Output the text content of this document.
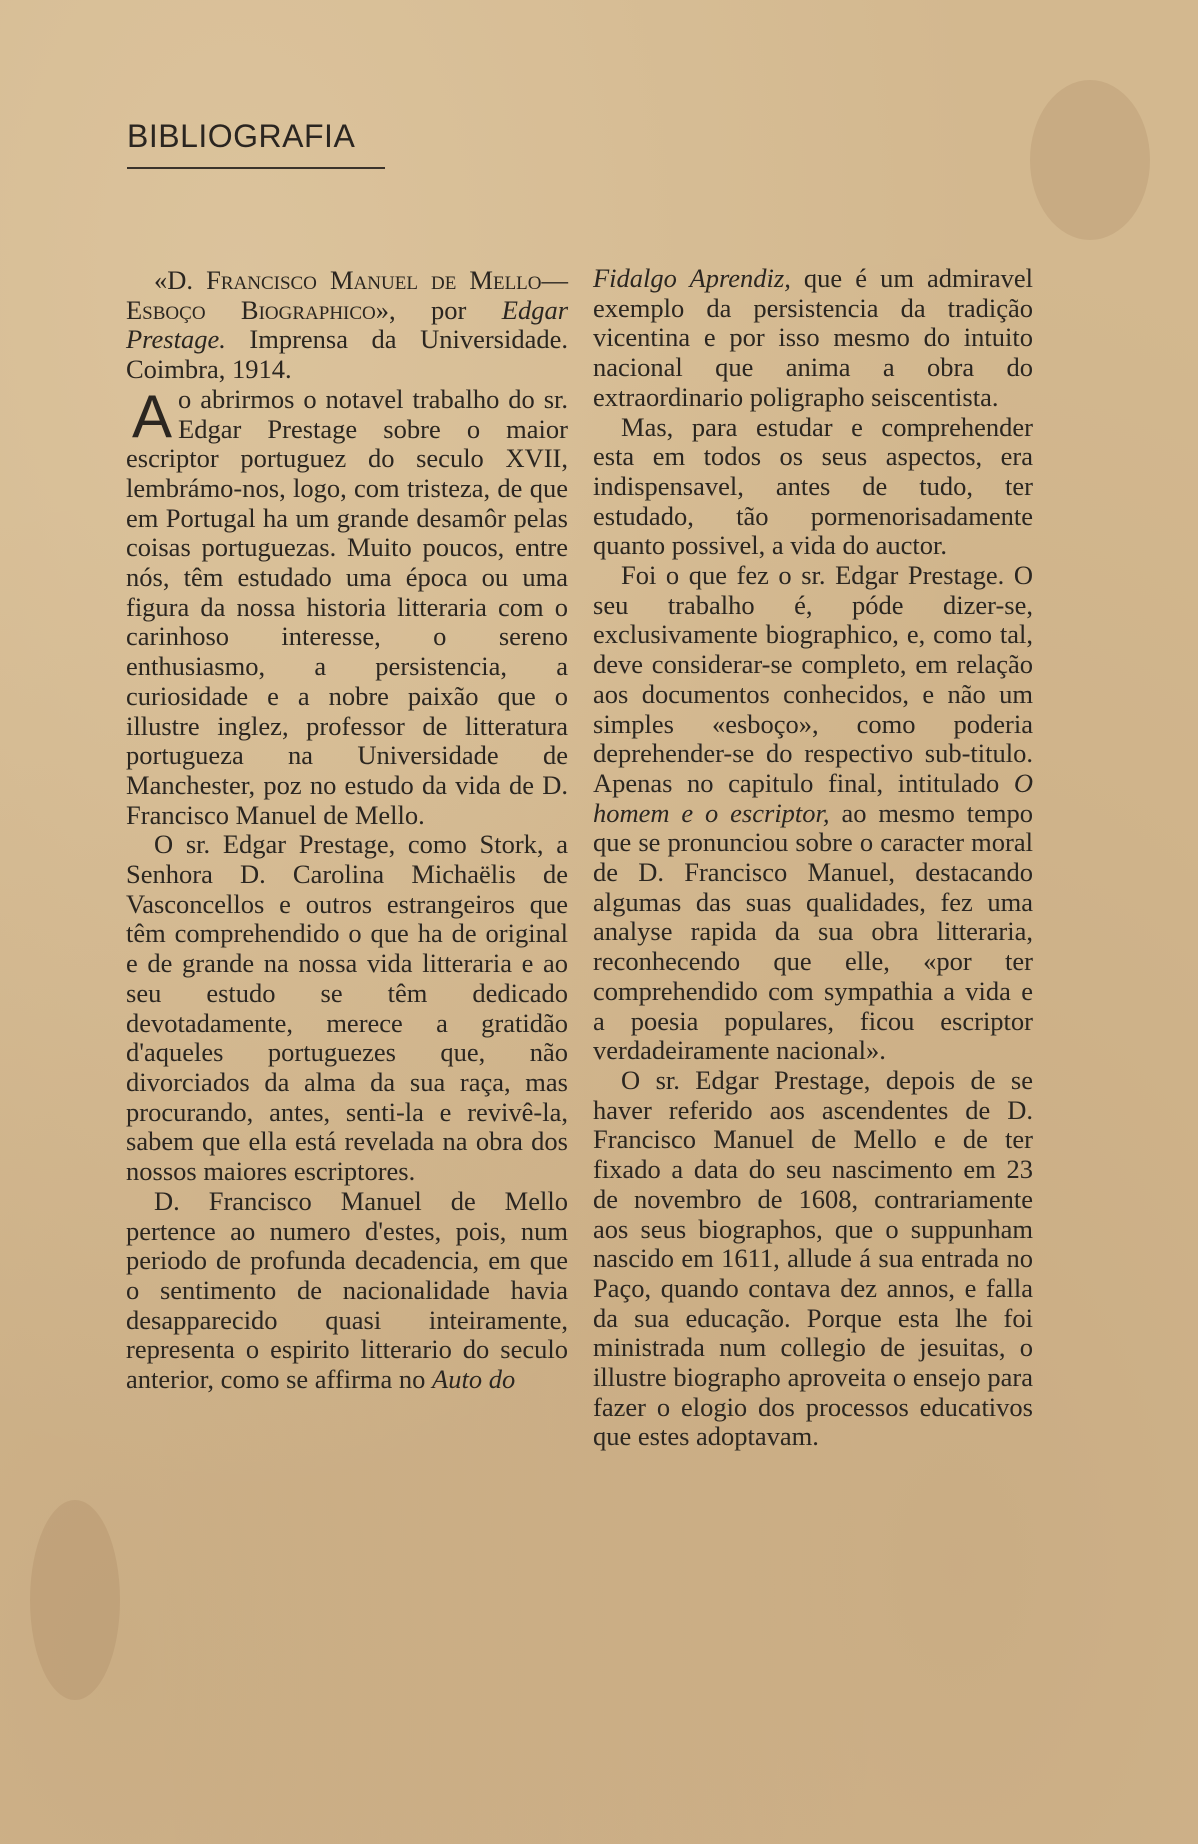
BIBLIOGRAFIA

«D. Francisco Manuel de Mello—Esboço Biographico», por Edgar Prestage. Imprensa da Universidade. Coimbra, 1914.

Ao abrirmos o notavel trabalho do sr. Edgar Prestage sobre o maior escriptor portuguez do seculo XVII, lembrámo-nos, logo, com tristeza, de que em Portugal ha um grande desamôr pelas coisas portuguezas. Muito poucos, entre nós, têm estudado uma época ou uma figura da nossa historia litteraria com o carinhoso interesse, o sereno enthusiasmo, a persistencia, a curiosidade e a nobre paixão que o illustre inglez, professor de litteratura portugueza na Universidade de Manchester, poz no estudo da vida de D. Francisco Manuel de Mello.

O sr. Edgar Prestage, como Stork, a Senhora D. Carolina Michaëlis de Vasconcellos e outros estrangeiros que têm comprehendido o que ha de original e de grande na nossa vida litteraria e ao seu estudo se têm dedicado devotadamente, merece a gratidão d'aqueles portuguezes que, não divorciados da alma da sua raça, mas procurando, antes, senti-la e revivê-la, sabem que ella está revelada na obra dos nossos maiores escriptores.

D. Francisco Manuel de Mello pertence ao numero d'estes, pois, num periodo de profunda decadencia, em que o sentimento de nacionalidade havia desapparecido quasi inteiramente, representa o espirito litterario do seculo anterior, como se affirma no Auto do

Fidalgo Aprendiz, que é um admiravel exemplo da persistencia da tradição vicentina e por isso mesmo do intuito nacional que anima a obra do extraordinario poligrapho seiscentista.

Mas, para estudar e comprehender esta em todos os seus aspectos, era indispensavel, antes de tudo, ter estudado, tão pormenorisadamente quanto possivel, a vida do auctor.

Foi o que fez o sr. Edgar Prestage. O seu trabalho é, póde dizer-se, exclusivamente biographico, e, como tal, deve considerar-se completo, em relação aos documentos conhecidos, e não um simples «esboço», como poderia deprehender-se do respectivo sub-titulo. Apenas no capitulo final, intitulado O homem e o escriptor, ao mesmo tempo que se pronunciou sobre o caracter moral de D. Francisco Manuel, destacando algumas das suas qualidades, fez uma analyse rapida da sua obra litteraria, reconhecendo que elle, «por ter comprehendido com sympathia a vida e a poesia populares, ficou escriptor verdadeiramente nacional».

O sr. Edgar Prestage, depois de se haver referido aos ascendentes de D. Francisco Manuel de Mello e de ter fixado a data do seu nascimento em 23 de novembro de 1608, contrariamente aos seus biographos, que o suppunham nascido em 1611, allude á sua entrada no Paço, quando contava dez annos, e falla da sua educação. Porque esta lhe foi ministrada num collegio de jesuitas, o illustre biographo aproveita o ensejo para fazer o elogio dos processos educativos que estes adoptavam.
